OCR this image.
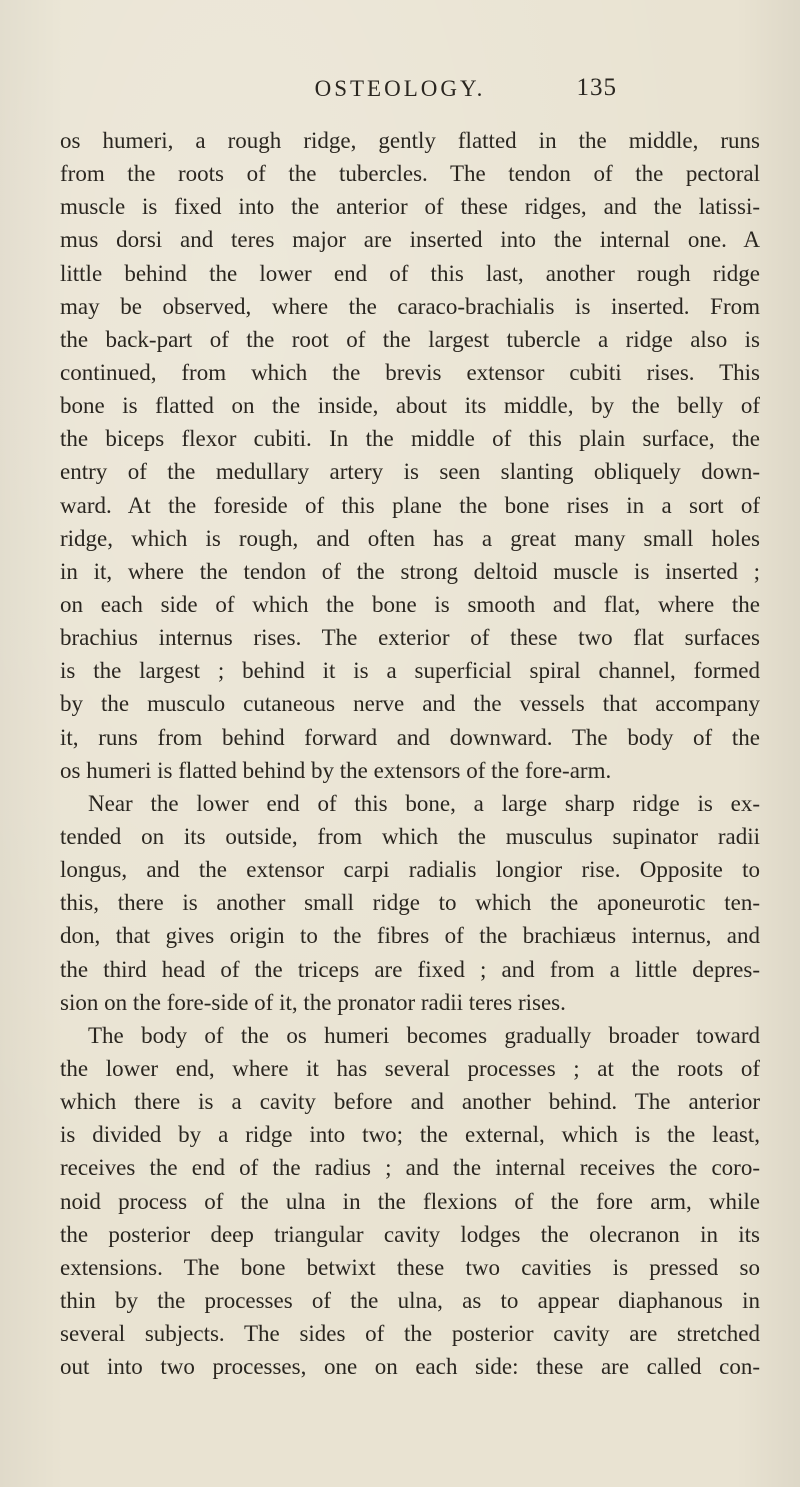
OSTEOLOGY.	135
os humeri, a rough ridge, gently flatted in the middle, runs
from the roots of the tubercles. The tendon of the pectoral
muscle is fixed into the anterior of these ridges, and the latissi-
mus dorsi and teres major are inserted into the internal one. A
little behind the lower end of this last, another rough ridge
may be observed, where the caraco-brachialis is inserted. From
the back-part of the root of the largest tubercle a ridge also is
continued, from which the brevis extensor cubiti rises. This
bone is flatted on the inside, about its middle, by the belly of
the biceps flexor cubiti. In the middle of this plain surface, the
entry of the medullary artery is seen slanting obliquely down-
ward. At the foreside of this plane the bone rises in a sort of
ridge, which is rough, and often has a great many small holes
in it, where the tendon of the strong deltoid muscle is inserted ;
on each side of which the bone is smooth and flat, where the
brachius internus rises. The exterior of these two flat surfaces
is the largest ; behind it is a superficial spiral channel, formed
by the musculo cutaneous nerve and the vessels that accompany
it, runs from behind forward and downward. The body of the
os humeri is flatted behind by the extensors of the fore-arm.
Near the lower end of this bone, a large sharp ridge is ex-
tended on its outside, from which the musculus supinator radii
longus, and the extensor carpi radialis longior rise. Opposite to
this, there is another small ridge to which the aponeurotic ten-
don, that gives origin to the fibres of the brachiæus internus, and
the third head of the triceps are fixed ; and from a little depres-
sion on the fore-side of it, the pronator radii teres rises.
The body of the os humeri becomes gradually broader toward
the lower end, where it has several processes ; at the roots of
which there is a cavity before and another behind. The anterior
is divided by a ridge into two; the external, which is the least,
receives the end of the radius ; and the internal receives the coro-
noid process of the ulna in the flexions of the fore arm, while
the posterior deep triangular cavity lodges the olecranon in its
extensions. The bone betwixt these two cavities is pressed so
thin by the processes of the ulna, as to appear diaphanous in
several subjects. The sides of the posterior cavity are stretched
out into two processes, one on each side: these are called con-
